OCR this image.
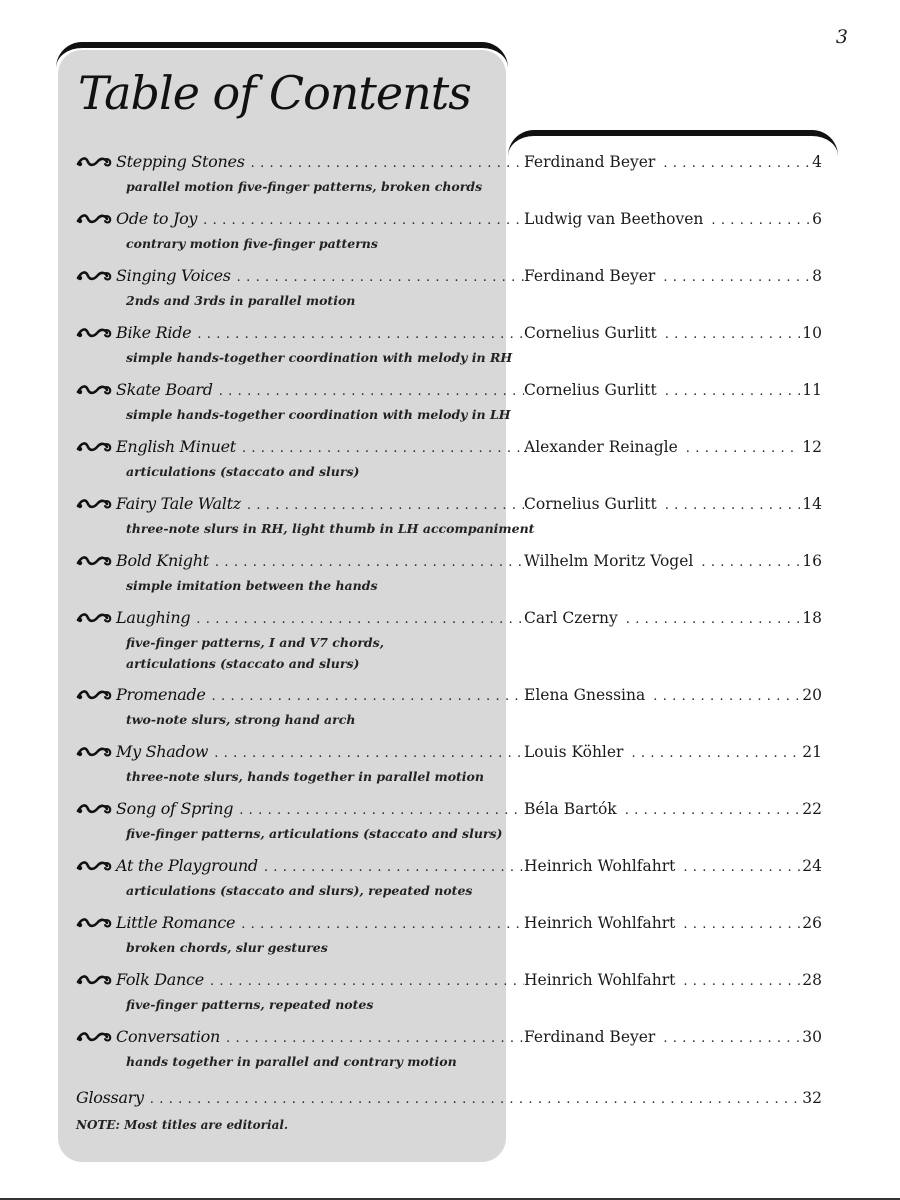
3
Table of Contents
Stepping Stones . . .	Ferdinand Beyer . . .	4
parallel motion five-finger patterns, broken chords
Ode to Joy . . .	Ludwig van Beethoven . . .	6
contrary motion five-finger patterns
Singing Voices . . .	Ferdinand Beyer . . .	8
2nds and 3rds in parallel motion
Bike Ride . . .	Cornelius Gurlitt . . .	10
simple hands-together coordination with melody in RH
Skate Board . . .	Cornelius Gurlitt . . .	11
simple hands-together coordination with melody in LH
English Minuet . . .	Alexander Reinagle . . .	12
articulations (staccato and slurs)
Fairy Tale Waltz . . .	Cornelius Gurlitt . . .	14
three-note slurs in RH, light thumb in LH accompaniment
Bold Knight . . .	Wilhelm Moritz Vogel . . .	16
simple imitation between the hands
Laughing . . .	Carl Czerny . . .	18
five-finger patterns, I and V7 chords,
articulations (staccato and slurs)
Promenade . . .	Elena Gnessina . . .	20
two-note slurs, strong hand arch
My Shadow . . .	Louis Köhler . . .	21
three-note slurs, hands together in parallel motion
Song of Spring . . .	Béla Bartók . . .	22
five-finger patterns, articulations (staccato and slurs)
At the Playground . . .	Heinrich Wohlfahrt . . .	24
articulations (staccato and slurs), repeated notes
Little Romance . . .	Heinrich Wohlfahrt . . .	26
broken chords, slur gestures
Folk Dance . . .	Heinrich Wohlfahrt . . .	28
five-finger patterns, repeated notes
Conversation . . .	Ferdinand Beyer . . .	30
hands together in parallel and contrary motion
Glossary . . .	32
NOTE: Most titles are editorial.
